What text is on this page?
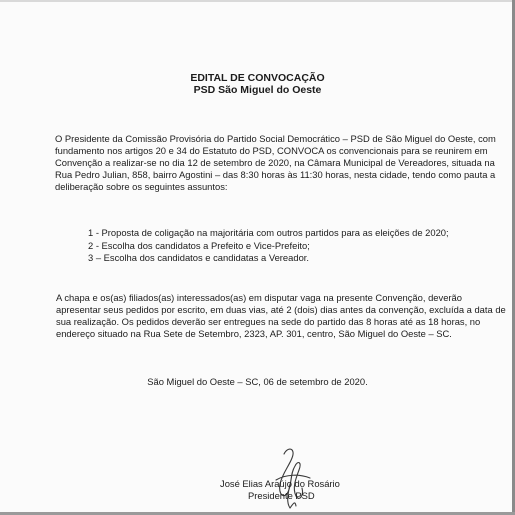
EDITAL DE CONVOCAÇÃO
PSD São Miguel do Oeste
O Presidente da Comissão Provisória do Partido Social Democrático – PSD de São Miguel do Oeste, com
fundamento nos artigos 20 e 34 do Estatuto do PSD, CONVOCA os convencionais para se reunirem em
Convenção a realizar-se no dia 12 de setembro de 2020, na Câmara Municipal de Vereadores, situada na
Rua Pedro Julian, 858, bairro Agostini – das 8:30 horas às 11:30 horas, nesta cidade, tendo como pauta a
deliberação sobre os seguintes assuntos:
1 - Proposta de coligação na majoritária com outros partidos para as eleições de 2020;
2 - Escolha dos candidatos a Prefeito e Vice-Prefeito;
3 – Escolha dos candidatos e candidatas a Vereador.
A chapa e os(as) filiados(as) interessados(as) em disputar vaga na presente Convenção, deverão
apresentar seus pedidos por escrito, em duas vias, até 2 (dois) dias antes da convenção, excluída a data de
sua realização. Os pedidos deverão ser entregues na sede do partido das 8 horas até as 18 horas, no
endereço situado na Rua Sete de Setembro, 2323, AP. 301, centro, São Miguel do Oeste – SC.
São Miguel do Oeste – SC, 06 de setembro de 2020.
José Elias Araújo do Rosário
Presidente PSD
